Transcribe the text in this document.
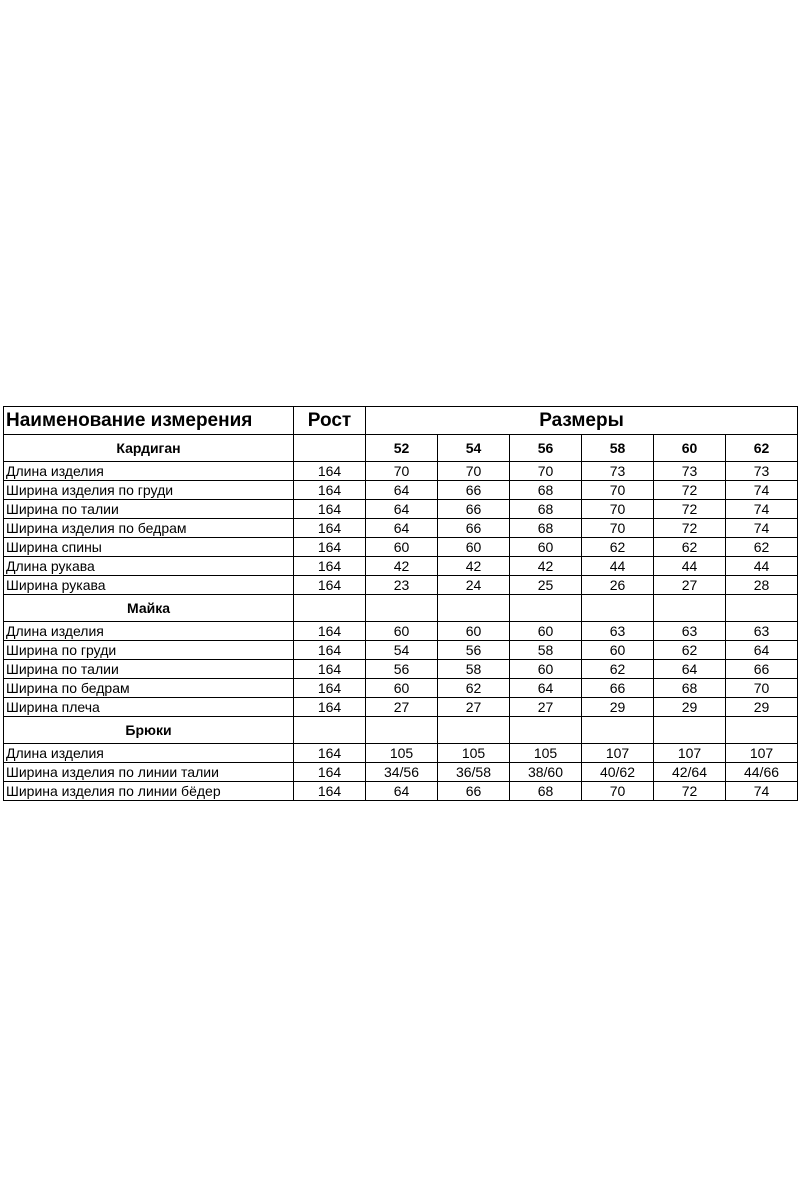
Наименование измерения	Рост	Размеры					
Кардиган		52	54	56	58	60	62
Длина изделия	164	70	70	70	73	73	73
Ширина изделия по груди	164	64	66	68	70	72	74
Ширина по талии	164	64	66	68	70	72	74
Ширина изделия по бедрам	164	64	66	68	70	72	74
Ширина спины	164	60	60	60	62	62	62
Длина рукава	164	42	42	42	44	44	44
Ширина рукава	164	23	24	25	26	27	28
Майка							
Длина изделия	164	60	60	60	63	63	63
Ширина по груди	164	54	56	58	60	62	64
Ширина по талии	164	56	58	60	62	64	66
Ширина по бедрам	164	60	62	64	66	68	70
Ширина плеча	164	27	27	27	29	29	29
Брюки							
Длина изделия	164	105	105	105	107	107	107
Ширина изделия по линии талии	164	34/56	36/58	38/60	40/62	42/64	44/66
Ширина изделия по линии бёдер	164	64	66	68	70	72	74
